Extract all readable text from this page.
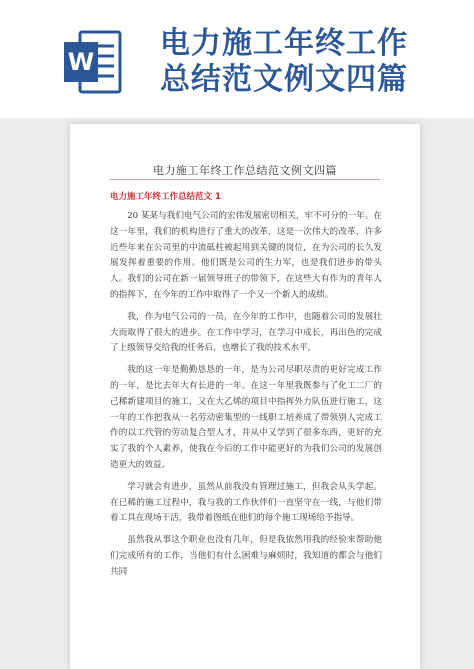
W
电力施工年终工作
总结范文例文四篇
电力施工年终工作总结范文例文四篇
电力施工年终工作总结范文 1

20 某某与我们电气公司的宏伟发展密切相关，牢不可分的一年。在这一年里，我们的机构进行了重大的改革，这是一次伟大的改革，许多近些年来在公司里的中流砥柱被起用到关键的岗位，在为公司的长久发展发挥着重要的作用。他们既是公司的生力军，也是我们进步的带头人。我们的公司在新一届领导班子的带领下，在这些大有作为的青年人的指挥下，在今年的工作中取得了一个又一个新人的成绩。

我，作为电气公司的一员，在今年的工作中，也随着公司的发展壮大而取得了很大的进步。在工作中学习，在学习中成长，再出色的完成了上级领导交给我的任务后，也增长了我的技术水平。

我的这一年是勤勤恳恳的一年，是为公司尽职尽责的更好完成工作的一年，是比去年大有长进的一年。在这一年里我既参与了化工二厂的己稀新建项目的施工，又在大乙烯的项目中指挥外力队伍进行施工，这一年的工作把我从一名劳动密集型的一线职工培养成了带领别人完成工作的以工代管的劳动复合型人才，并从中又学到了很多东西，更好的充实了我的个人素养，使我在今后的工作中能更好的为我们公司的发展创造更大的效益。

学习就会有进步，虽然从前我没有管理过施工，但我会从头学起。在已稀的施工过程中，我与我的工作伙伴们一直坚守在一线，与他们带着工具在现场干活，我带着图纸在他们的每个施工现场给予指导。

虽然我从事这个职业也没有几年，但是我依然用我的经验来帮助他们完成所有的工作，当他们有什么困难与麻烦时，我知道的都会与他们共同
